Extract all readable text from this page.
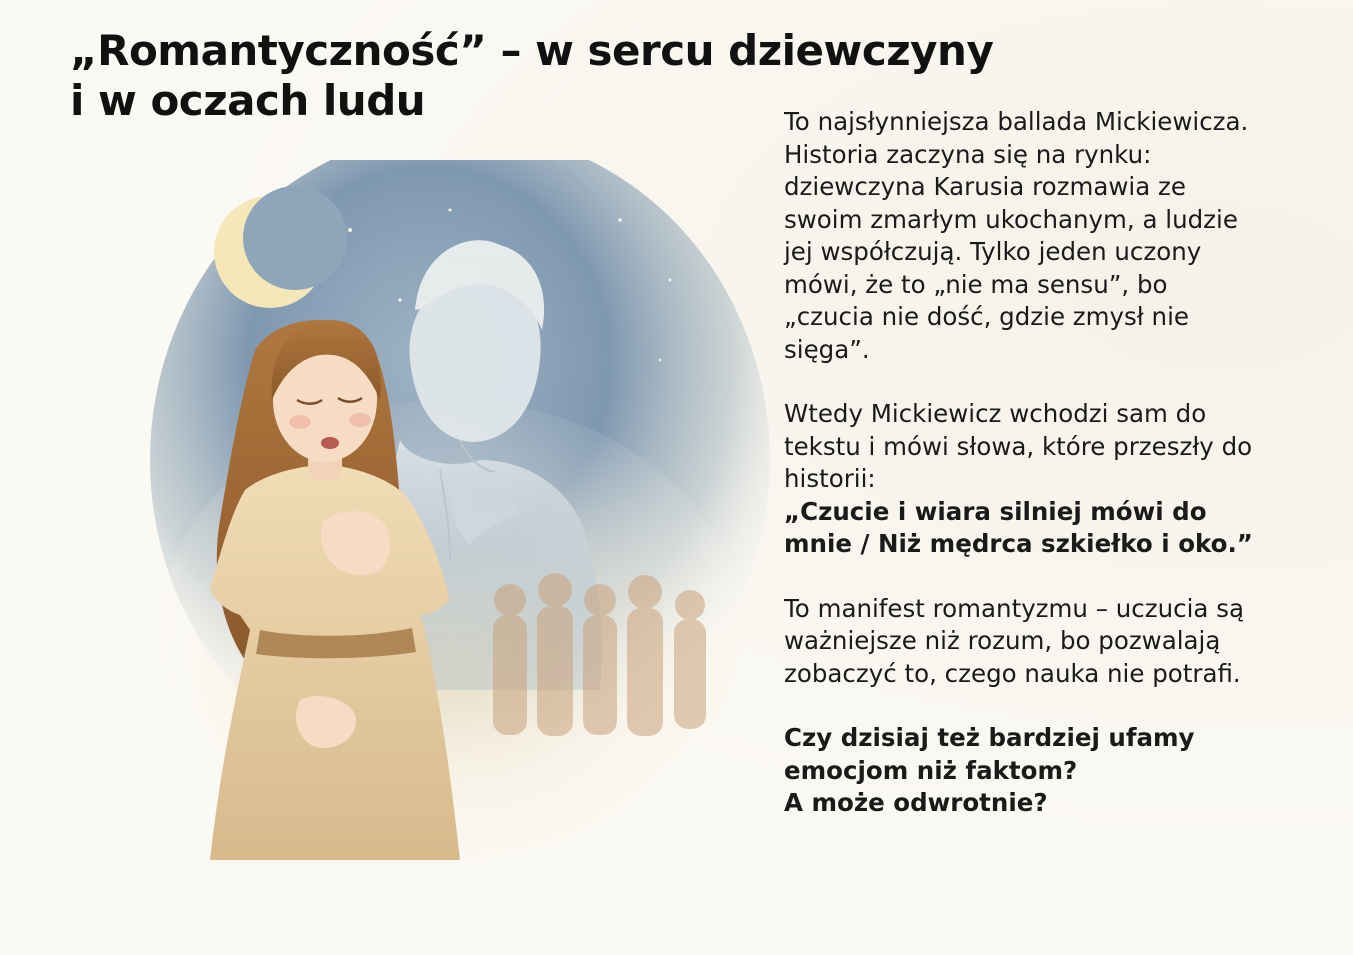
„Romantyczność” – w sercu dziewczyny
i w oczach ludu	To najsłynniejsza ballada Mickiewicza. Historia zaczyna się na rynku: dziewczyna Karusia rozmawia ze swoim zmarłym ukochanym, a ludzie jej współczują. Tylko jeden uczony mówi, że to „nie ma sensu”, bo „czucia nie dość, gdzie zmysł nie sięga”.

Wtedy Mickiewicz wchodzi sam do tekstu i mówi słowa, które przeszły do historii:
„Czucie i wiara silniej mówi do mnie / Niż mędrca szkiełko i oko.”

To manifest romantyzmu – uczucia są ważniejsze niż rozum, bo pozwalają zobaczyć to, czego nauka nie potrafi.

Czy dzisiaj też bardziej ufamy emocjom niż faktom?
A może odwrotnie?
